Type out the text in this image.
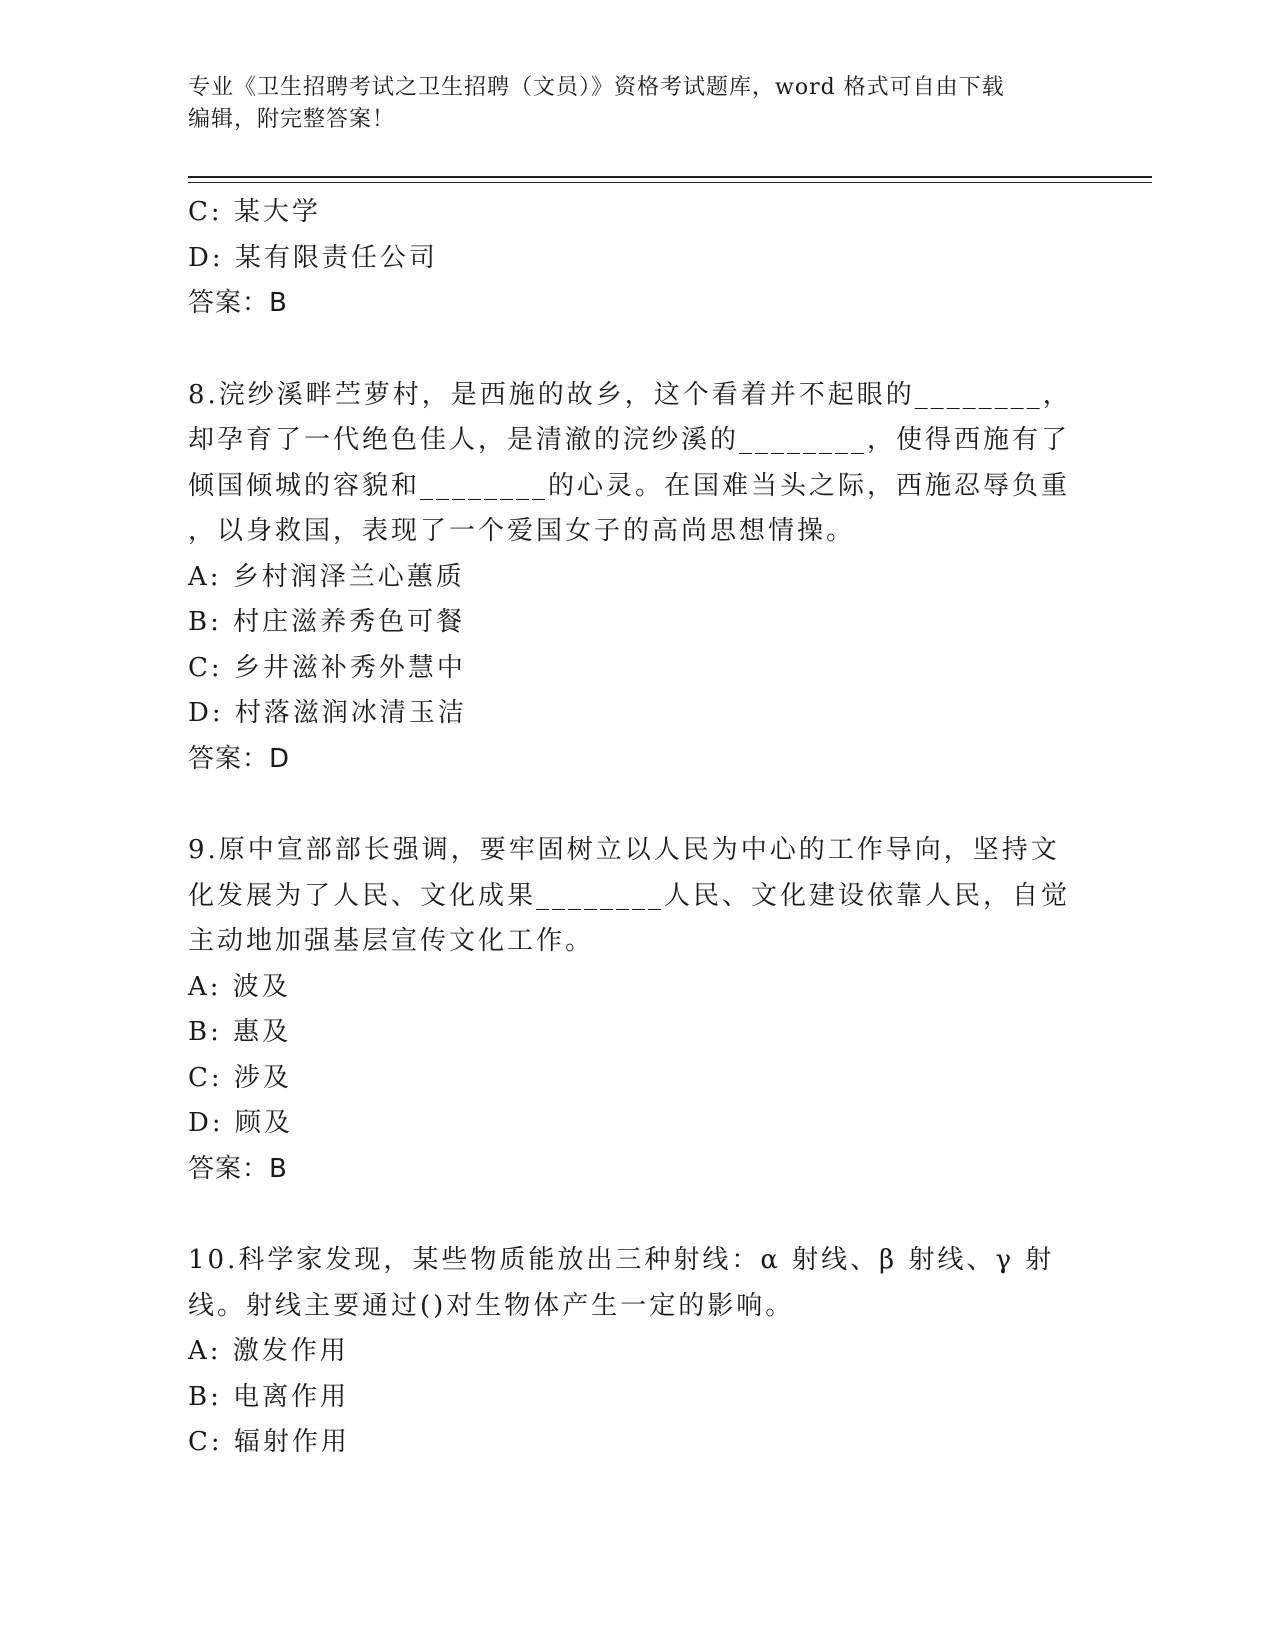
专业《卫生招聘考试之卫生招聘（文员）》资格考试题库，word 格式可自由下载
编辑，附完整答案！
C: 某大学
D: 某有限责任公司
答案：B
8.浣纱溪畔苎萝村，是西施的故乡，这个看着并不起眼的________，
却孕育了一代绝色佳人，是清澈的浣纱溪的________，使得西施有了
倾国倾城的容貌和________的心灵。在国难当头之际，西施忍辱负重
，以身救国，表现了一个爱国女子的高尚思想情操。
A: 乡村润泽兰心蕙质
B: 村庄滋养秀色可餐
C: 乡井滋补秀外慧中
D: 村落滋润冰清玉洁
答案：D
9.原中宣部部长强调，要牢固树立以人民为中心的工作导向，坚持文
化发展为了人民、文化成果________人民、文化建设依靠人民，自觉
主动地加强基层宣传文化工作。
A: 波及
B: 惠及
C: 涉及
D: 顾及
答案：B
10.科学家发现，某些物质能放出三种射线：α 射线、β 射线、γ 射
线。射线主要通过()对生物体产生一定的影响。
A: 激发作用
B: 电离作用
C: 辐射作用
